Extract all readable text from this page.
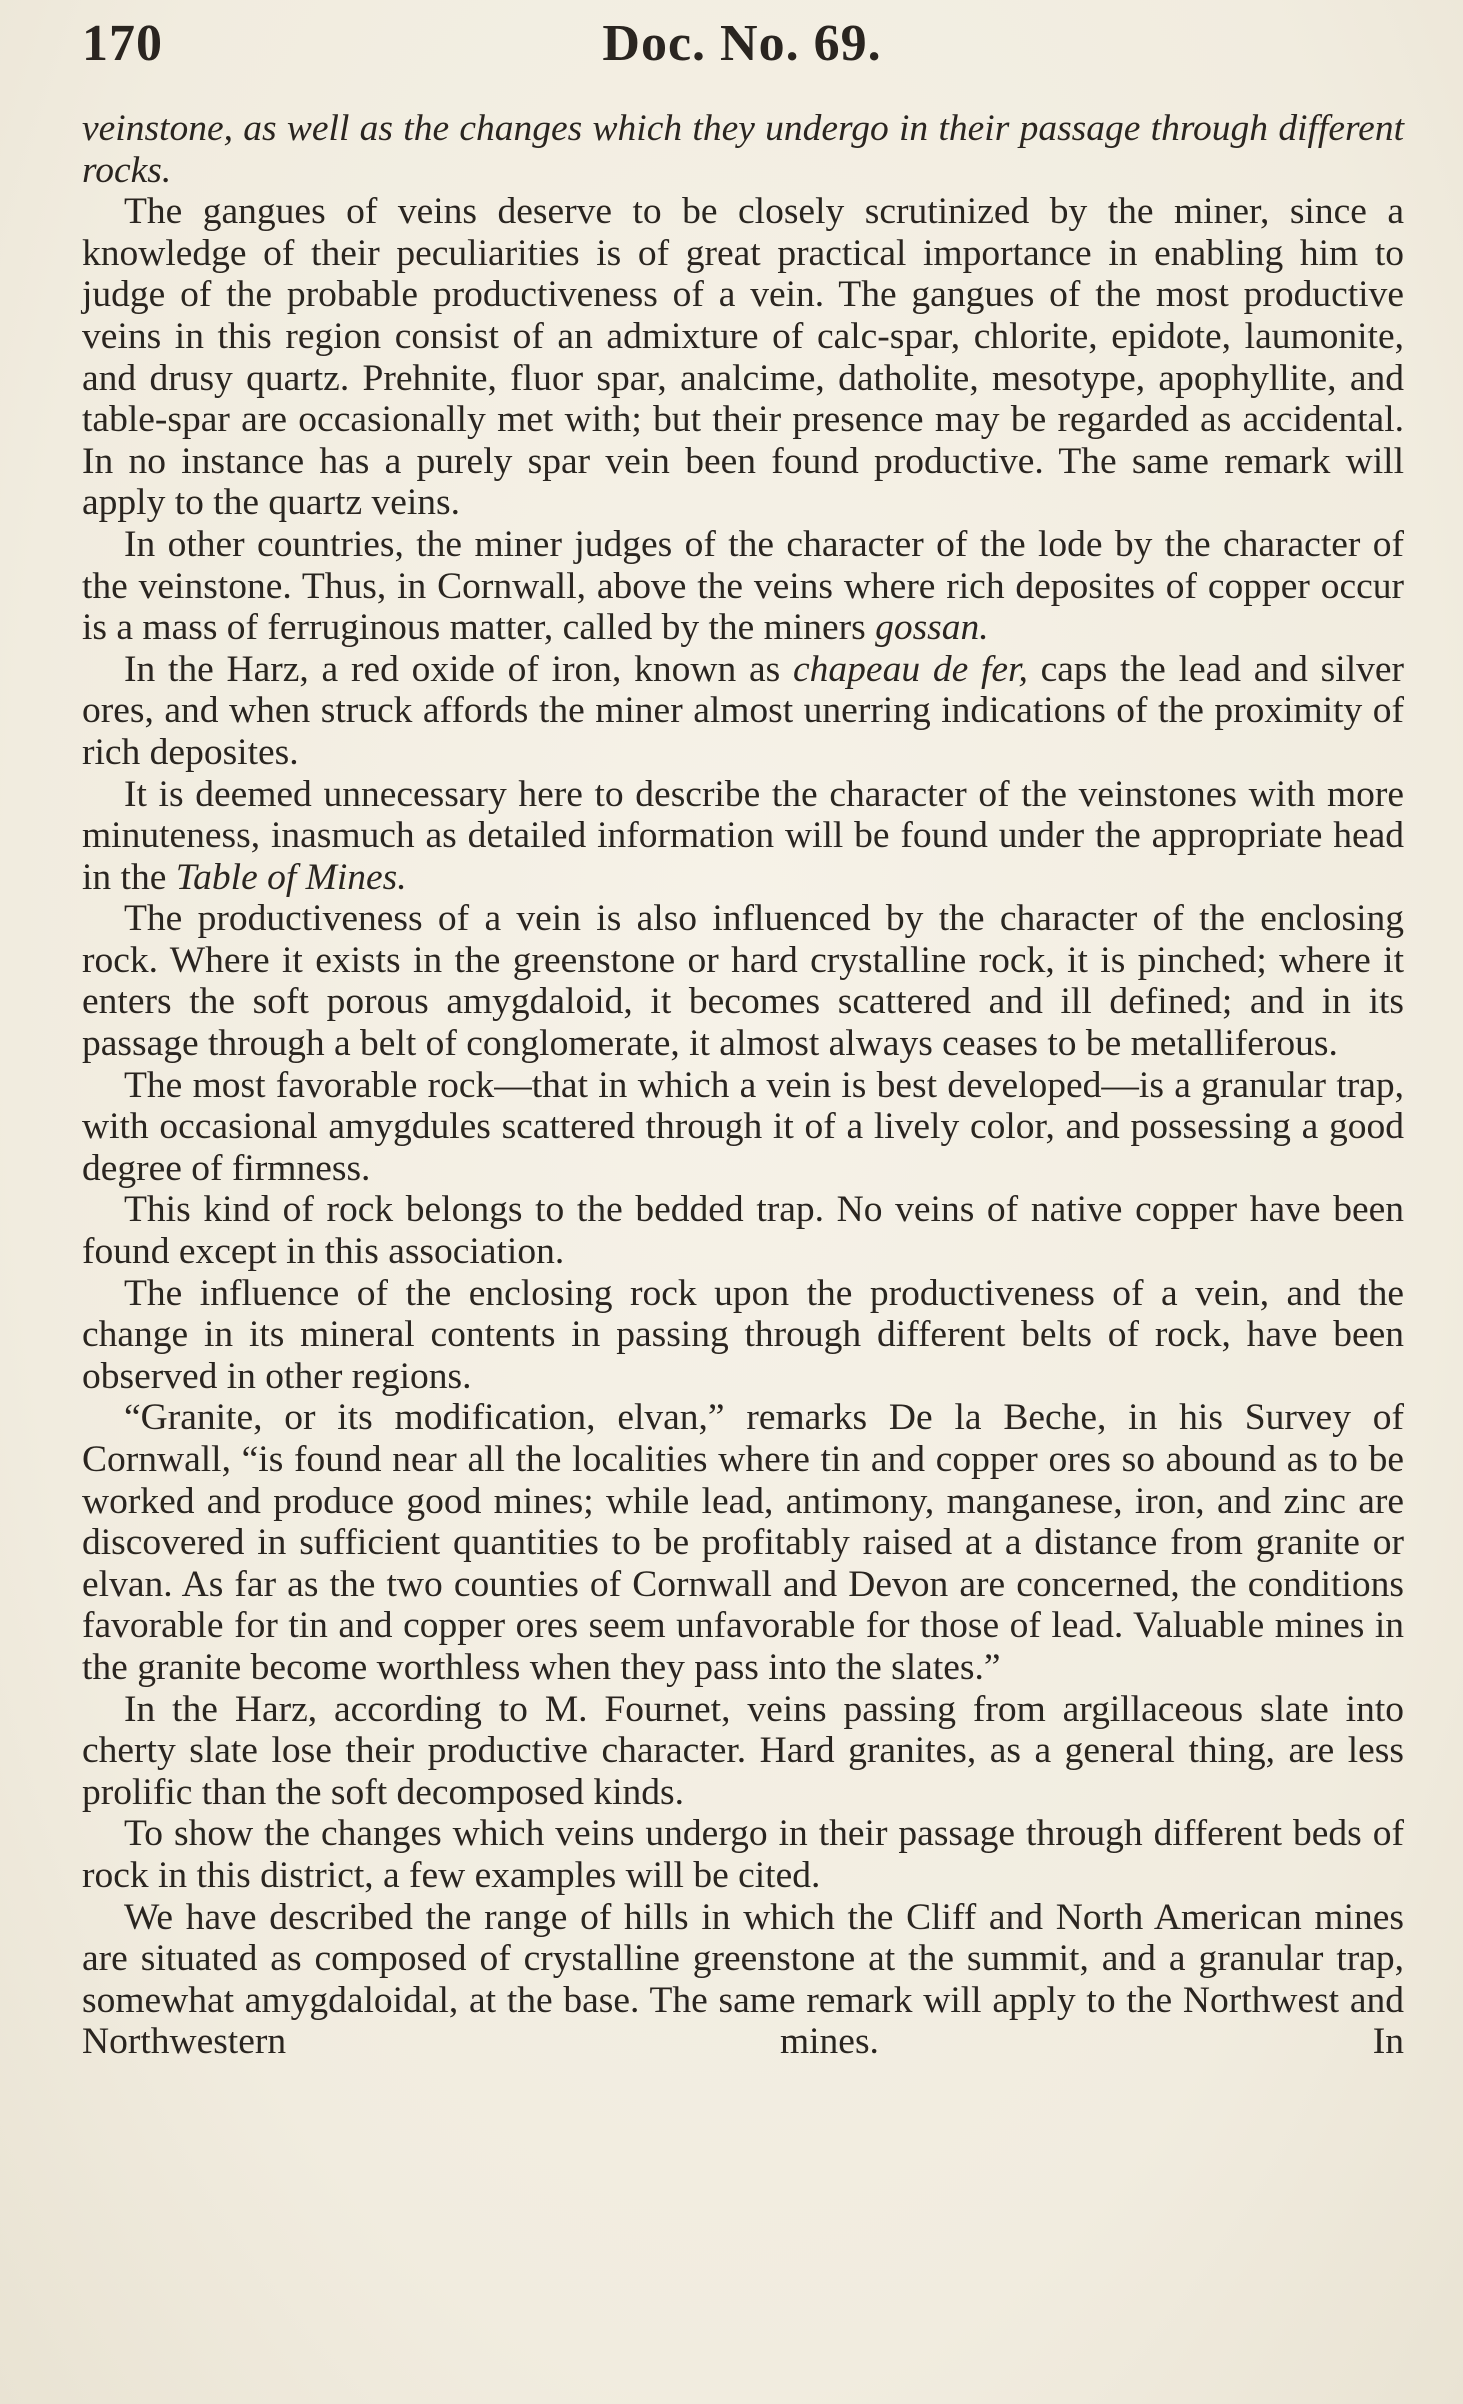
170	Doc. No. 69.

veinstone, as well as the changes which they undergo in their passage through different rocks.

The gangues of veins deserve to be closely scrutinized by the miner, since a knowledge of their peculiarities is of great practical importance in enabling him to judge of the probable productiveness of a vein. The gangues of the most productive veins in this region consist of an admixture of calc-spar, chlorite, epidote, laumonite, and drusy quartz. Prehnite, fluor spar, analcime, datholite, mesotype, apophyllite, and table-spar are occasionally met with; but their presence may be regarded as accidental. In no instance has a purely spar vein been found productive. The same remark will apply to the quartz veins.

In other countries, the miner judges of the character of the lode by the character of the veinstone. Thus, in Cornwall, above the veins where rich deposites of copper occur is a mass of ferruginous matter, called by the miners gossan.

In the Harz, a red oxide of iron, known as chapeau de fer, caps the lead and silver ores, and when struck affords the miner almost unerring indications of the proximity of rich deposites.

It is deemed unnecessary here to describe the character of the veinstones with more minuteness, inasmuch as detailed information will be found under the appropriate head in the Table of Mines.

The productiveness of a vein is also influenced by the character of the enclosing rock. Where it exists in the greenstone or hard crystalline rock, it is pinched; where it enters the soft porous amygdaloid, it becomes scattered and ill defined; and in its passage through a belt of conglomerate, it almost always ceases to be metalliferous.

The most favorable rock—that in which a vein is best developed—is a granular trap, with occasional amygdules scattered through it of a lively color, and possessing a good degree of firmness.

This kind of rock belongs to the bedded trap. No veins of native copper have been found except in this association.

The influence of the enclosing rock upon the productiveness of a vein, and the change in its mineral contents in passing through different belts of rock, have been observed in other regions.

“Granite, or its modification, elvan,” remarks De la Beche, in his Survey of Cornwall, “is found near all the localities where tin and copper ores so abound as to be worked and produce good mines; while lead, antimony, manganese, iron, and zinc are discovered in sufficient quantities to be profitably raised at a distance from granite or elvan. As far as the two counties of Cornwall and Devon are concerned, the conditions favorable for tin and copper ores seem unfavorable for those of lead. Valuable mines in the granite become worthless when they pass into the slates.”

In the Harz, according to M. Fournet, veins passing from argillaceous slate into cherty slate lose their productive character. Hard granites, as a general thing, are less prolific than the soft decomposed kinds.

To show the changes which veins undergo in their passage through different beds of rock in this district, a few examples will be cited.

We have described the range of hills in which the Cliff and North American mines are situated as composed of crystalline greenstone at the summit, and a granular trap, somewhat amygdaloidal, at the base. The same remark will apply to the Northwest and Northwestern mines. In
